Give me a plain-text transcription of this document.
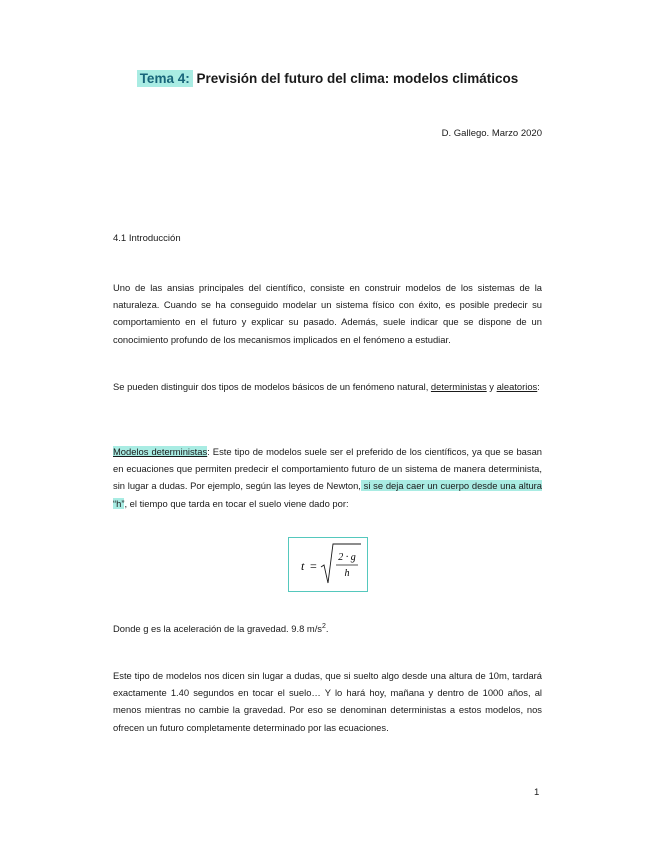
Tema 4: Previsión del futuro del clima: modelos climáticos
D. Gallego. Marzo 2020
4.1 Introducción

Uno de las ansias principales del científico, consiste en construir modelos de los sistemas de la naturaleza. Cuando se ha conseguido modelar un sistema físico con éxito, es posible predecir su comportamiento en el futuro y explicar su pasado. Además, suele indicar que se dispone de un conocimiento profundo de los mecanismos implicados en el fenómeno a estudiar.

Se pueden distinguir dos tipos de modelos básicos de un fenómeno natural, deterministas y aleatorios:

Modelos deterministas: Este tipo de modelos suele ser el preferido de los científicos, ya que se basan en ecuaciones que permiten predecir el comportamiento futuro de un sistema de manera determinista, sin lugar a dudas. Por ejemplo, según las leyes de Newton, si se deja caer un cuerpo desde una altura “h”, el tiempo que tarda en tocar el suelo viene dado por:

t =
2 · g
h

Donde g es la aceleración de la gravedad. 9.8 $m/s^2$.

Este tipo de modelos nos dicen sin lugar a dudas, que si suelto algo desde una altura de 10m, tardará exactamente 1.40 segundos en tocar el suelo… Y lo hará hoy, mañana y dentro de 1000 años, al menos mientras no cambie la gravedad. Por eso se denominan deterministas a estos modelos, nos ofrecen un futuro completamente determinado por las ecuaciones.

1
